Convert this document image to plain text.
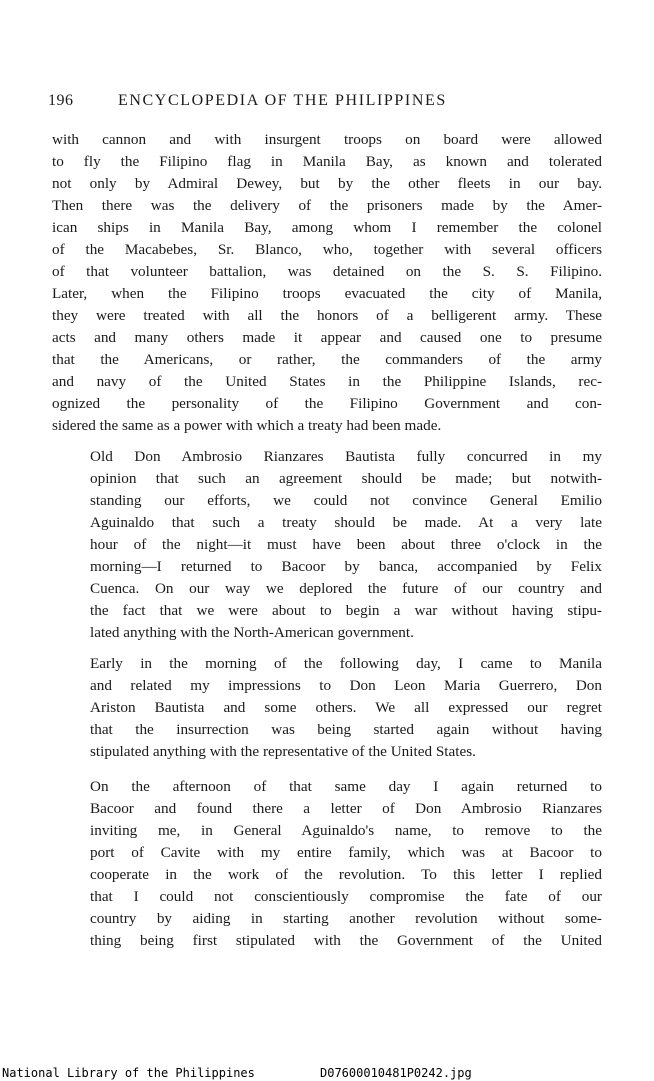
196	ENCYCLOPEDIA OF THE PHILIPPINES

with cannon and with insurgent troops on board were allowed
to fly the Filipino flag in Manila Bay, as known and tolerated
not only by Admiral Dewey, but by the other fleets in our bay.
Then there was the delivery of the prisoners made by the Amer-
ican ships in Manila Bay, among whom I remember the colonel
of the Macabebes, Sr. Blanco, who, together with several officers
of that volunteer battalion, was detained on the S. S. Filipino.
Later, when the Filipino troops evacuated the city of Manila,
they were treated with all the honors of a belligerent army. These
acts and many others made it appear and caused one to presume
that the Americans, or rather, the commanders of the army
and navy of the United States in the Philippine Islands, rec-
ognized the personality of the Filipino Government and con-
sidered the same as a power with which a treaty had been made.

Old Don Ambrosio Rianzares Bautista fully concurred in my
opinion that such an agreement should be made; but notwith-
standing our efforts, we could not convince General Emilio
Aguinaldo that such a treaty should be made. At a very late
hour of the night—it must have been about three o'clock in the
morning—I returned to Bacoor by banca, accompanied by Felix
Cuenca. On our way we deplored the future of our country and
the fact that we were about to begin a war without having stipu-
lated anything with the North-American government.

Early in the morning of the following day, I came to Manila
and related my impressions to Don Leon Maria Guerrero, Don
Ariston Bautista and some others. We all expressed our regret
that the insurrection was being started again without having
stipulated anything with the representative of the United States.

On the afternoon of that same day I again returned to
Bacoor and found there a letter of Don Ambrosio Rianzares
inviting me, in General Aguinaldo's name, to remove to the
port of Cavite with my entire family, which was at Bacoor to
cooperate in the work of the revolution. To this letter I replied
that I could not conscientiously compromise the fate of our
country by aiding in starting another revolution without some-
thing being first stipulated with the Government of the United

National Library of the Philippines	D07600010481P0242.jpg
